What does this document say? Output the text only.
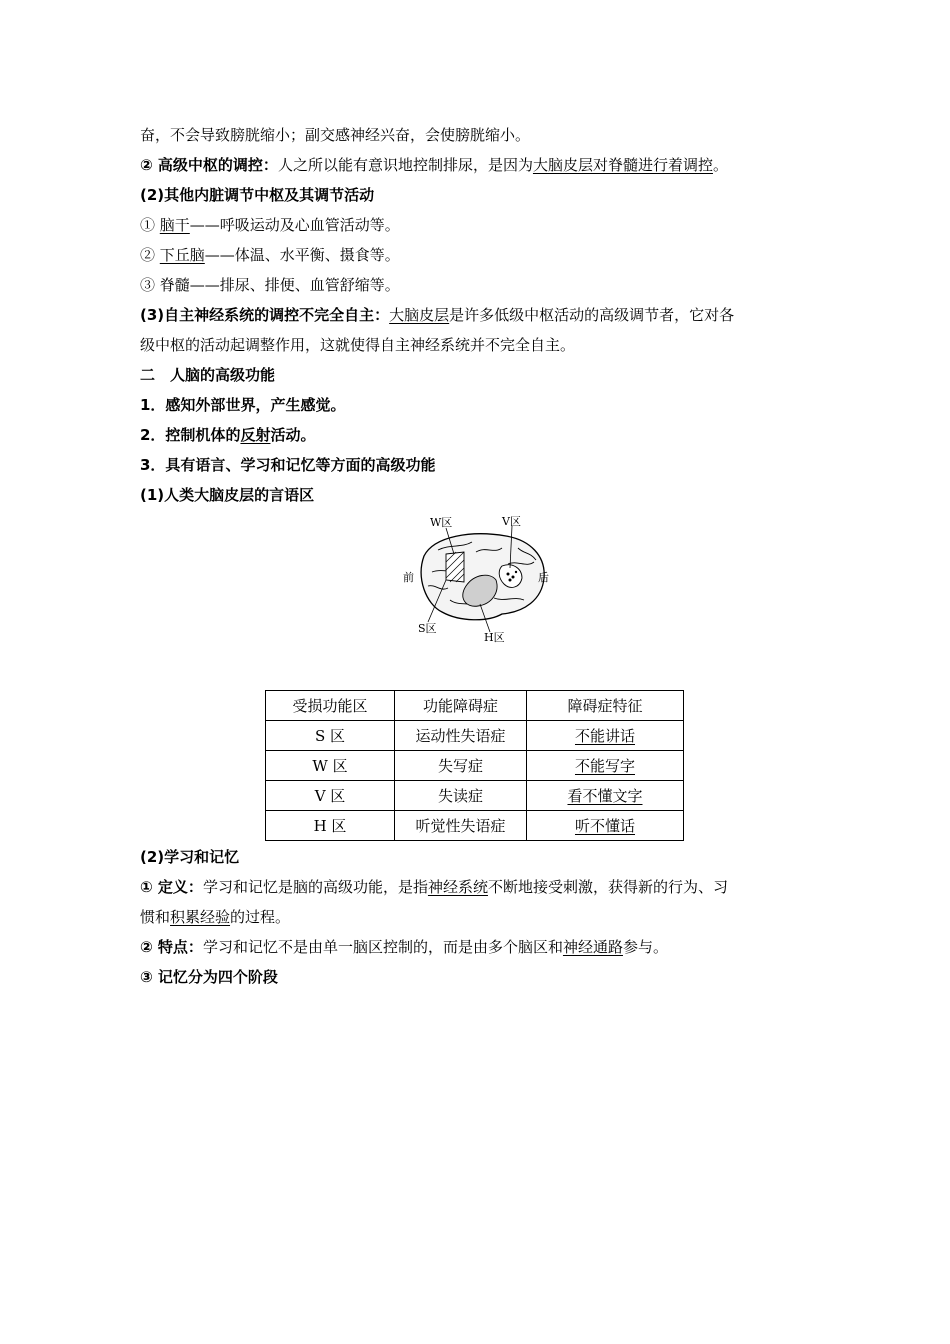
奋，不会导致膀胱缩小；副交感神经兴奋，会使膀胱缩小。
② 高级中枢的调控：人之所以能有意识地控制排尿，是因为大脑皮层对脊髓进行着调控。
(2)其他内脏调节中枢及其调节活动
① 脑干——呼吸运动及心血管活动等。
② 下丘脑——体温、水平衡、摄食等。
③ 脊髓——排尿、排便、血管舒缩等。
(3)自主神经系统的调控不完全自主：大脑皮层是许多低级中枢活动的高级调节者，它对各
级中枢的活动起调整作用，这就使得自主神经系统并不完全自主。
二　人脑的高级功能
1．感知外部世界，产生感觉。
2．控制机体的反射活动。
3．具有语言、学习和记忆等方面的高级功能
(1)人类大脑皮层的言语区
W区	V区
前	后
S区
H区
受损功能区	功能障碍症	障碍症特征
S 区	运动性失语症	不能讲话
W 区	失写症	不能写字
V 区	失读症	看不懂文字
H 区	听觉性失语症	听不懂话
(2)学习和记忆
① 定义：学习和记忆是脑的高级功能，是指神经系统不断地接受刺激，获得新的行为、习
惯和积累经验的过程。
② 特点：学习和记忆不是由单一脑区控制的，而是由多个脑区和神经通路参与。
③ 记忆分为四个阶段
